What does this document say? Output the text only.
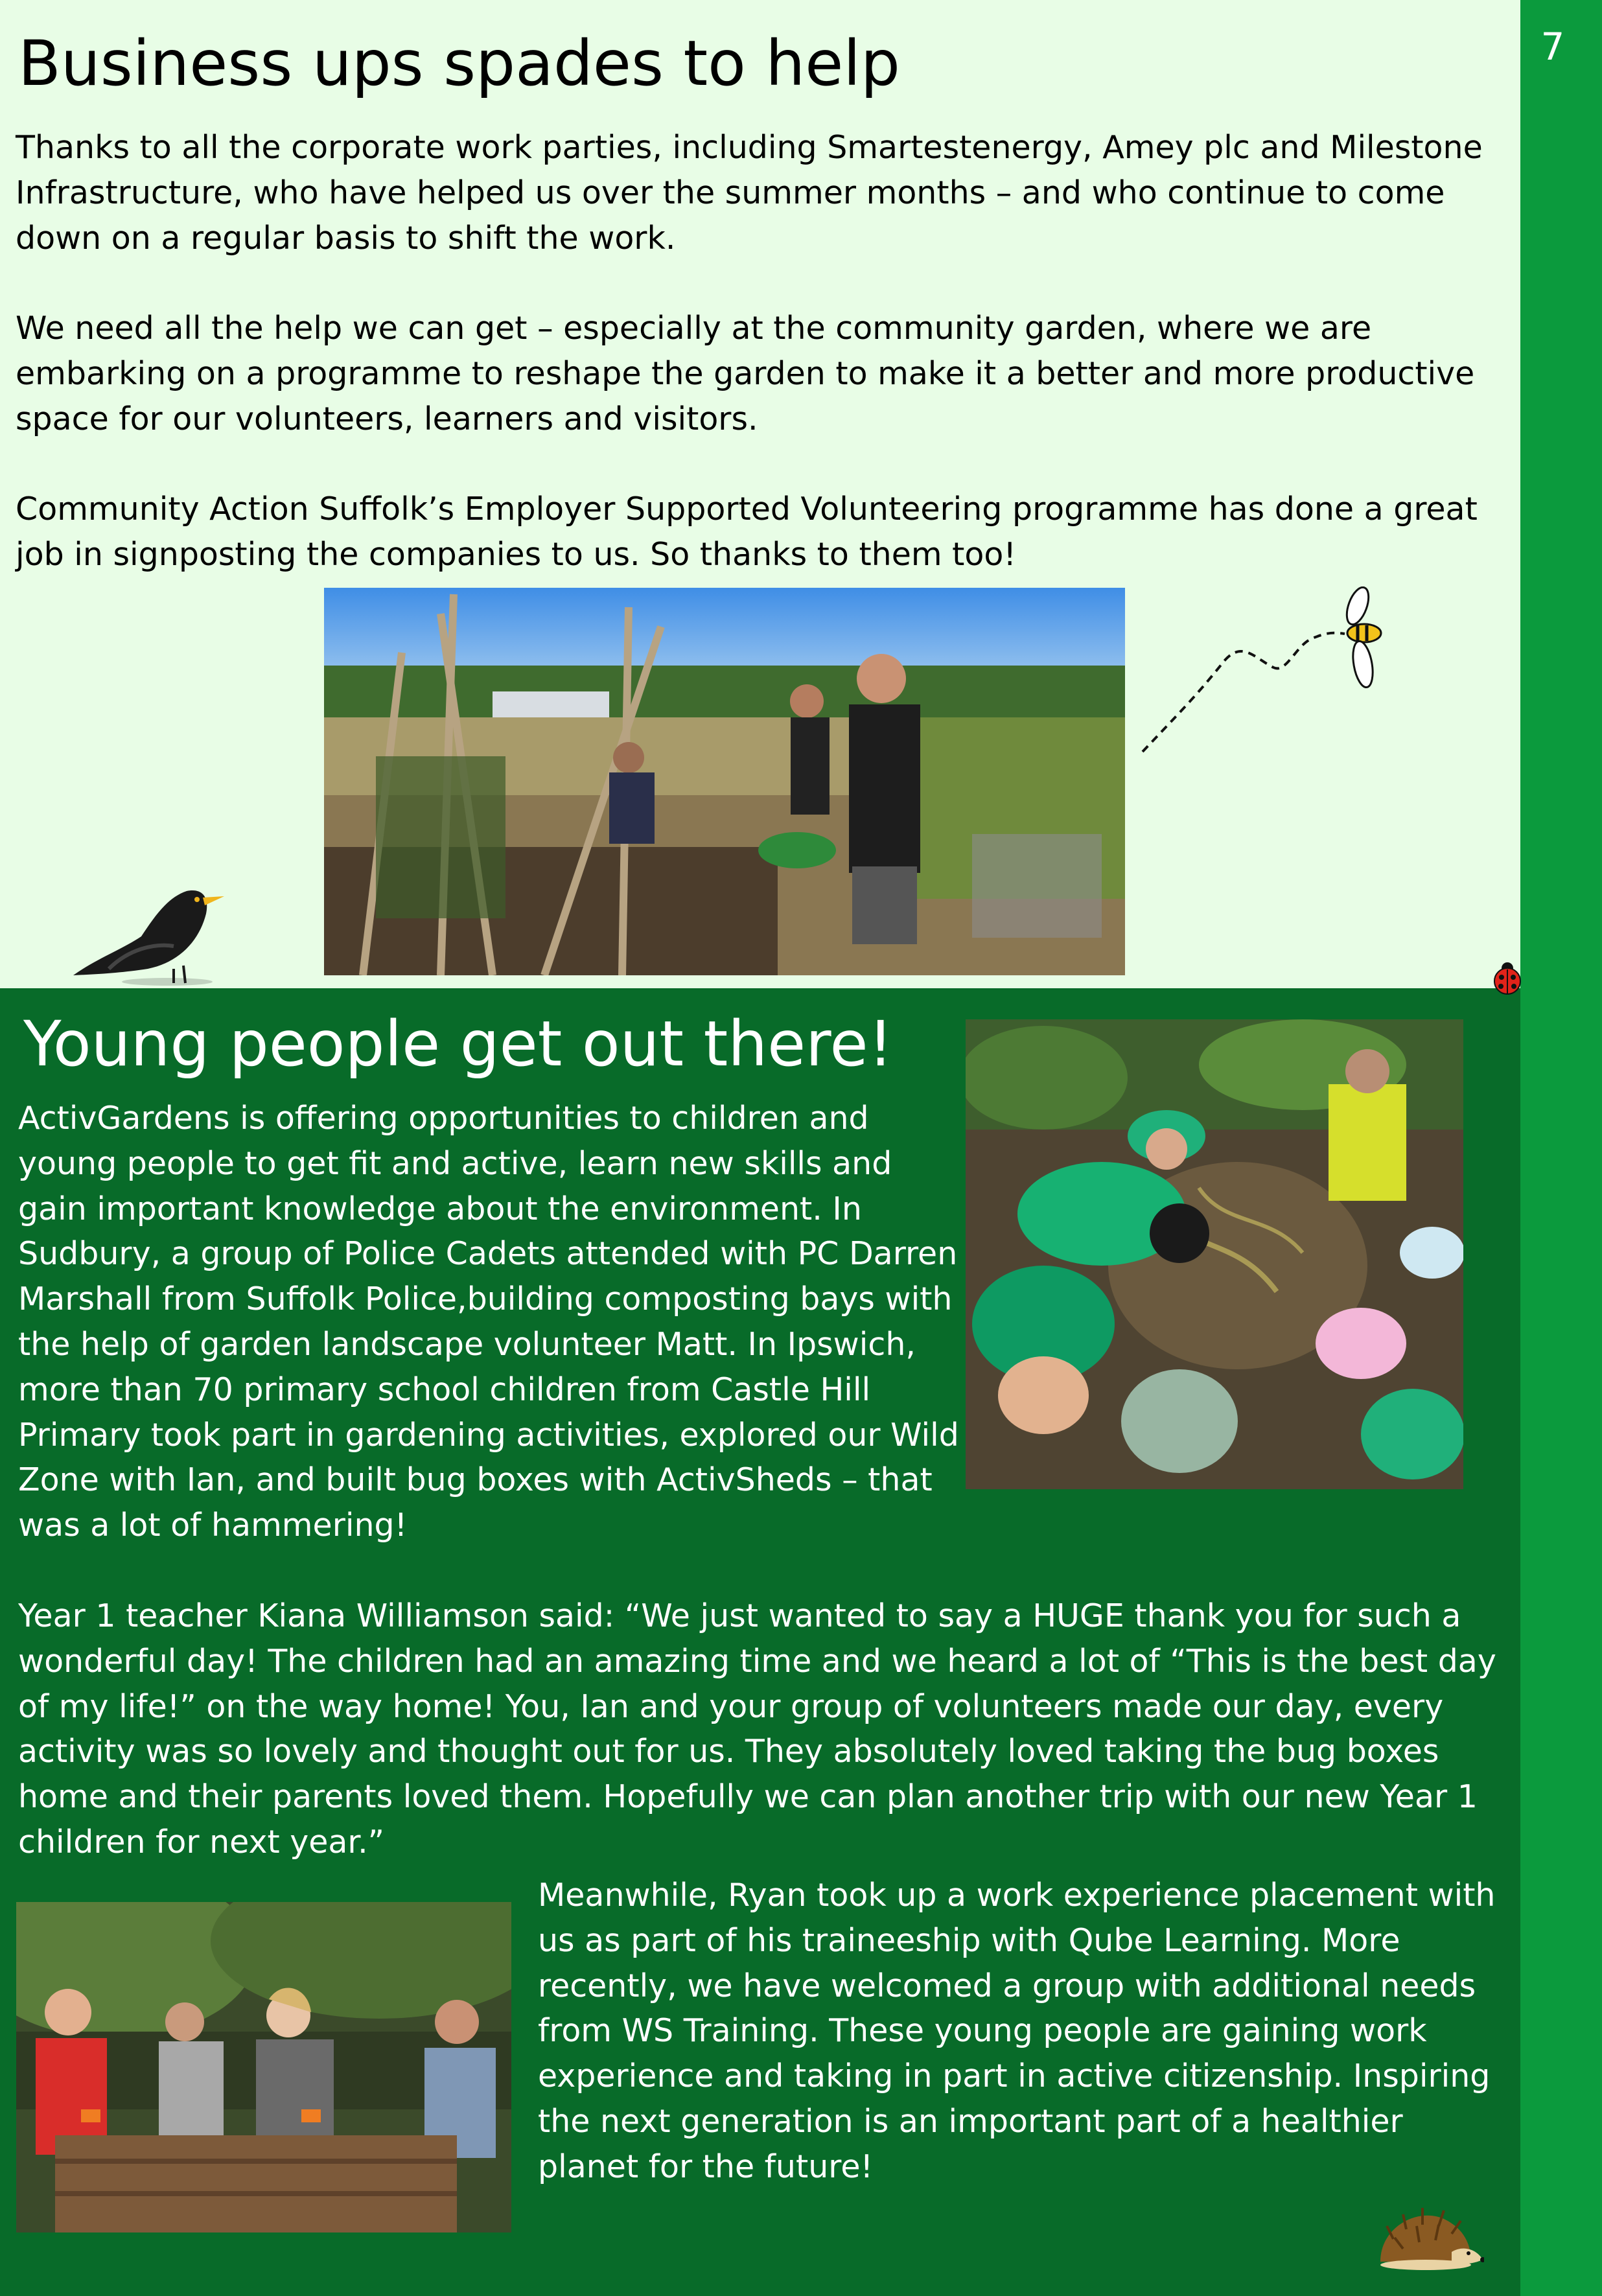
7
Business ups spades to help
Thanks to all the corporate work parties, including Smartestenergy, Amey plc and Milestone Infrastructure, who have helped us over the summer months – and who continue to come down on a regular basis to shift the work.
We need all the help we can get – especially at the community garden, where we are embarking on a programme to reshape the garden to make it a better and more productive space for our volunteers, learners and visitors.
Community Action Suffolk’s Employer Supported Volunteering programme has done a great job in signposting the companies to us. So thanks to them too!
Young people get out there!
ActivGardens is offering opportunities to children and young people to get fit and active, learn new skills and gain important knowledge about the environment. In Sudbury, a group of Police Cadets attended with PC Darren Marshall from Suffolk Police,building composting bays with the help of garden landscape volunteer Matt. In Ipswich, more than 70 primary school children from Castle Hill Primary took part in gardening activities, explored our Wild Zone with Ian, and built bug boxes with ActivSheds – that was a lot of hammering!
Year 1 teacher Kiana Williamson said: “We just wanted to say a HUGE thank you for such a wonderful day! The children had an amazing time and we heard a lot of “This is the best day of my life!” on the way home! You, Ian and your group of volunteers made our day, every activity was so lovely and thought out for us. They absolutely loved taking the bug boxes home and their parents loved them. Hopefully we can plan another trip with our new Year 1 children for next year.”
Meanwhile, Ryan took up a work experience placement with us as part of his traineeship with Qube Learning. More recently, we have welcomed a group with additional needs from WS Training. These young people are gaining work experience and taking in part in active citizenship. Inspiring the next generation is an important part of a healthier planet for the future!
